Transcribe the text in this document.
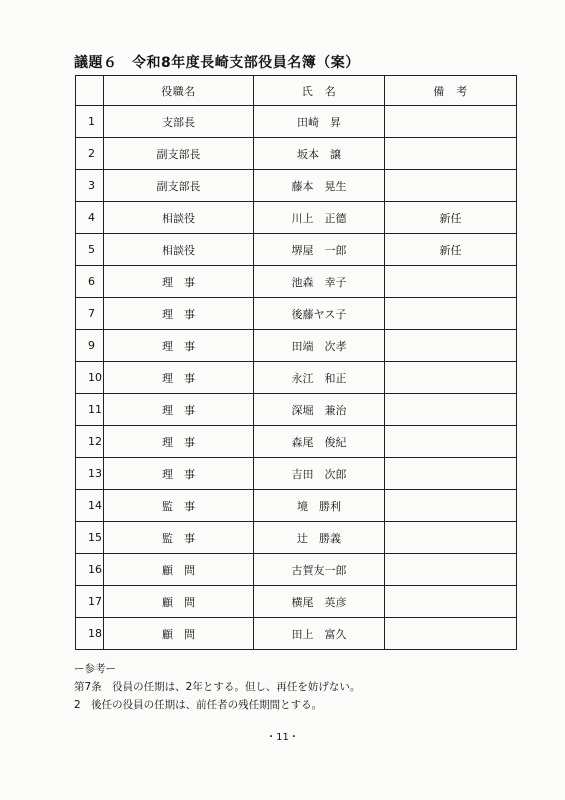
議題６　令和8年度長崎支部役員名簿（案）
	役職名	氏　名	備　考
1	支部長	田崎　昇	
2	副支部長	坂本　譲	
3	副支部長	藤本　晃生	
4	相談役	川上　正德	新任
5	相談役	堺屋　一郎	新任
6	理　事	池森　幸子	
7	理　事	後藤ヤス子	
9	理　事	田端　次孝	
10	理　事	永江　和正	
11	理　事	深堀　兼治	
12	理　事	森尾　俊紀	
13	理　事	吉田　次郎	
14	監　事	境　勝利	
15	監　事	辻　勝義	
16	顧　問	古賀友一郎	
17	顧　問	横尾　英彦	
18	顧　問	田上　富久	
ー参考ー
第7条　役員の任期は、2年とする。但し、再任を妨げない。
2　後任の役員の任期は、前任者の残任期間とする。
・11・
